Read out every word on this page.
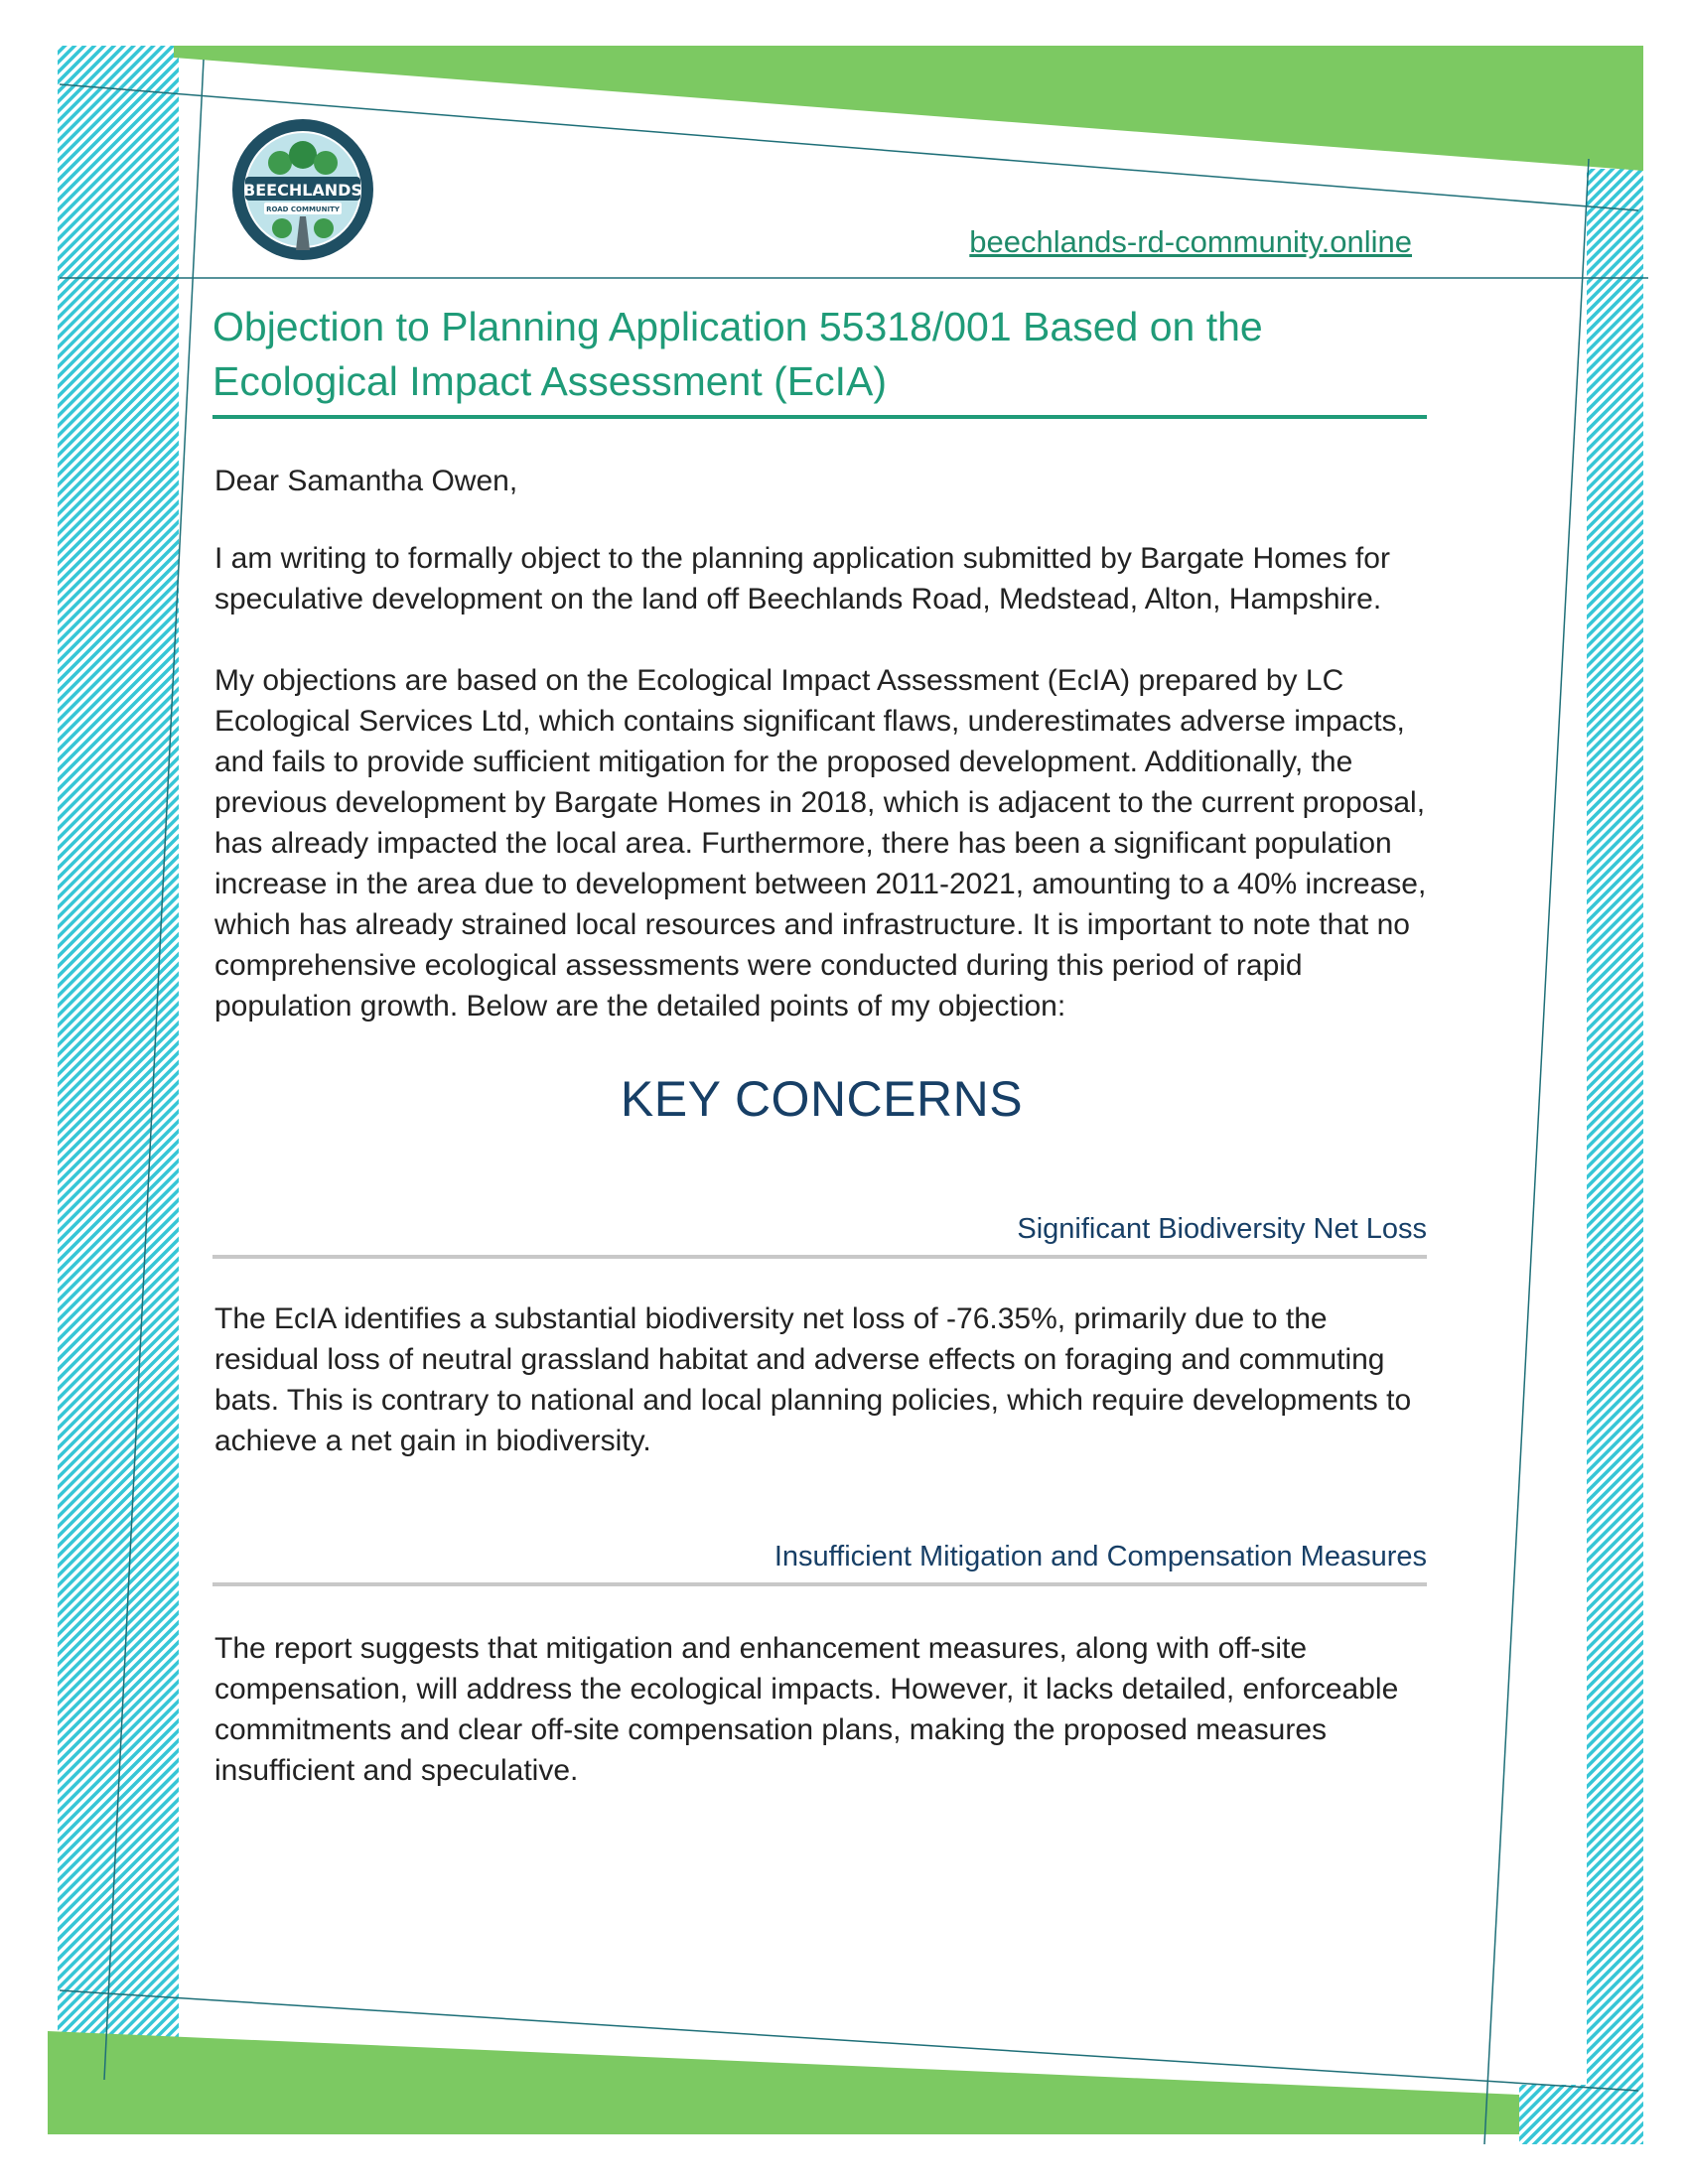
BEECHLANDS
ROAD COMMUNITY
beechlands-rd-community.online
Objection to Planning Application 55318/001 Based on the Ecological Impact Assessment (EcIA)

Dear Samantha Owen,

I am writing to formally object to the planning application submitted by Bargate Homes for speculative development on the land off Beechlands Road, Medstead, Alton, Hampshire.

My objections are based on the Ecological Impact Assessment (EcIA) prepared by LC Ecological Services Ltd, which contains significant flaws, underestimates adverse impacts, and fails to provide sufficient mitigation for the proposed development. Additionally, the previous development by Bargate Homes in 2018, which is adjacent to the current proposal, has already impacted the local area. Furthermore, there has been a significant population increase in the area due to development between 2011-2021, amounting to a 40% increase, which has already strained local resources and infrastructure. It is important to note that no comprehensive ecological assessments were conducted during this period of rapid population growth. Below are the detailed points of my objection:

KEY CONCERNS
Significant Biodiversity Net Loss

The EcIA identifies a substantial biodiversity net loss of -76.35%, primarily due to the residual loss of neutral grassland habitat and adverse effects on foraging and commuting bats. This is contrary to national and local planning policies, which require developments to achieve a net gain in biodiversity.

Insufficient Mitigation and Compensation Measures

The report suggests that mitigation and enhancement measures, along with off-site compensation, will address the ecological impacts. However, it lacks detailed, enforceable commitments and clear off-site compensation plans, making the proposed measures insufficient and speculative.
